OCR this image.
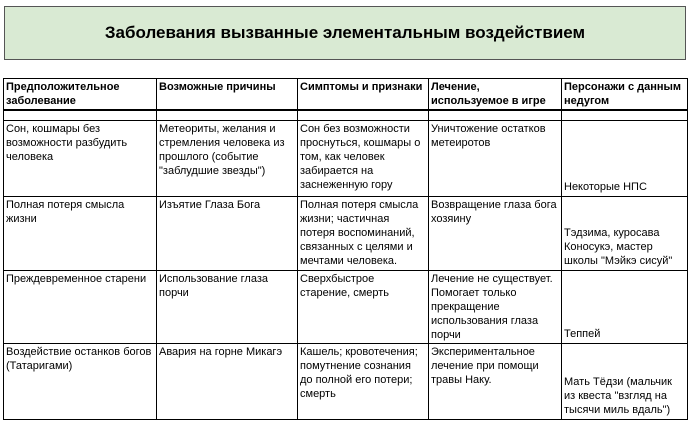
Заболевания вызванные элементальным воздействием
Предположительное заболевание	Возможные причины	Симптомы и признаки	Лечение, используемое в игре	Персонажи с данным недугом

Сон, кошмары без возможности разбудить человека	Метеориты, желания и стремления человека из прошлого (событие "заблудшие звезды")	Сон без возможности проснуться, кошмары о том, как человек забирается на заснеженную гору	Уничтожение остатков метеиротов	Некоторые НПС

Полная потеря смысла жизни	Изъятие Глаза Бога	Полная потеря смысла жизни; частичная потеря воспоминаний, связанных с целями и мечтами человека.	Возвращение глаза бога хозяину	Тэдзима, куросава Коносукэ, мастер школы "Мэйкэ сисуй"

Преждевременное старени	Использование глаза порчи	Сверхбыстрое старение, смерть	Лечение не существует. Помогает только прекращение использования глаза порчи	Теппей

Воздействие останков богов (Татаригами)	Авария на горне Микагэ	Кашель; кровотечения; помутнение сознания до полной его потери; смерть	Экспериментальное лечение при помощи травы Наку.	Мать Тёдзи (мальчик из квеста "взгляд на тысячи миль вдаль")
